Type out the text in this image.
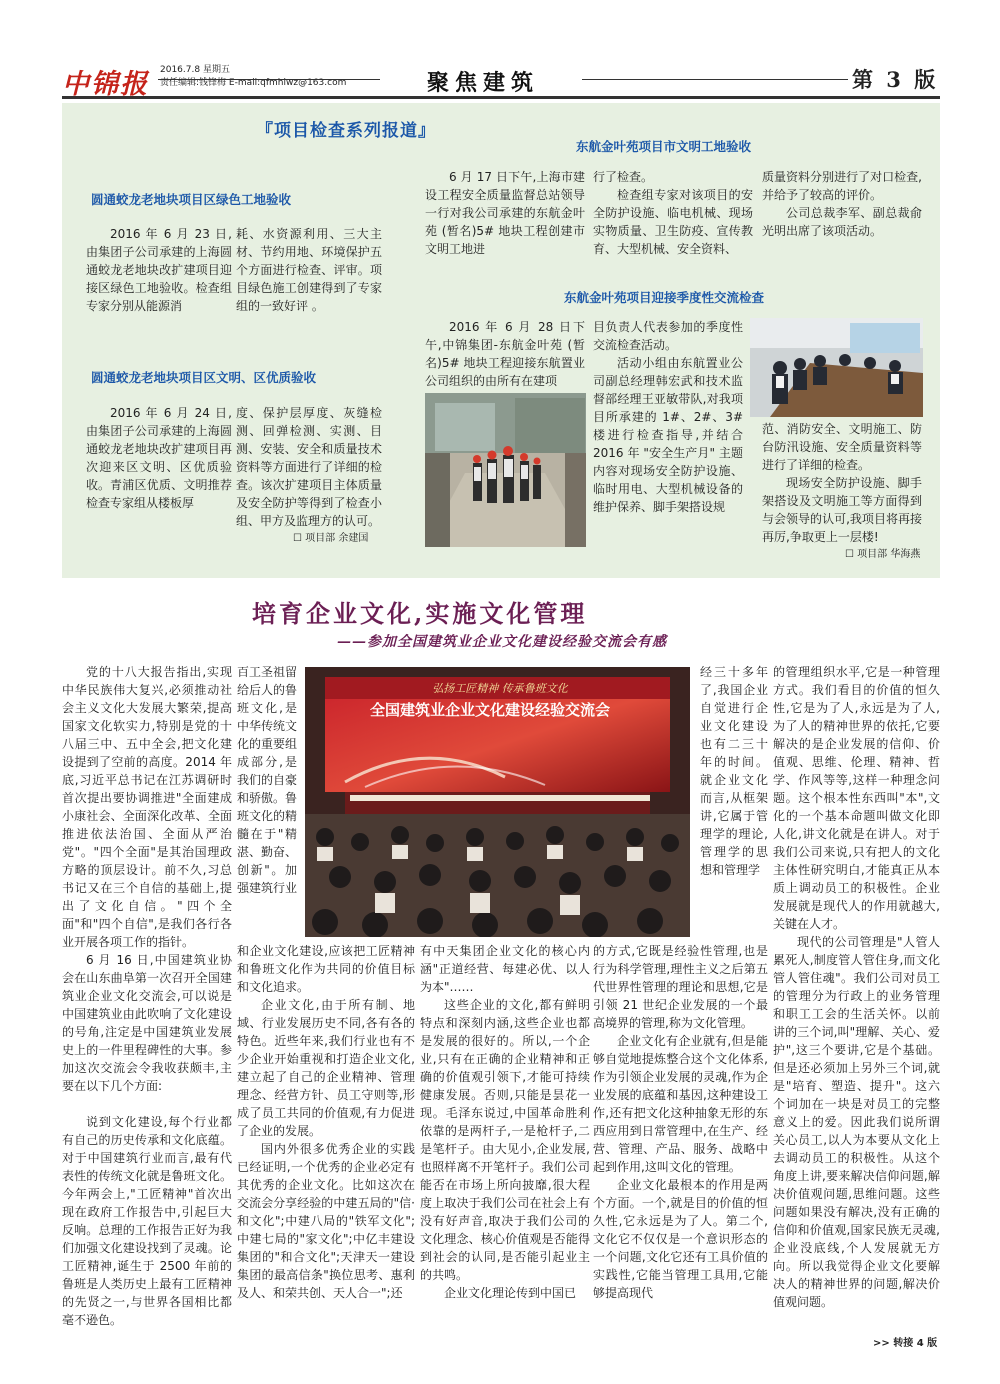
中锦报 2016.7.8 星期五
责任编辑:钱锋梅 E-mail:qfmhlwz@163.com	聚焦建筑	第 3 版
『项目检查系列报道』
圆通蛟龙老地块项目区绿色工地验收
2016 年 6 月 23 日,由集团子公司承建的上海圆通蛟龙老地块改扩建项目迎接区绿色工地验收。检查组专家分别从能源消
耗、水资源利用、三大主材、节约用地、环境保护五个方面进行检查、评审。项目绿色施工创建得到了专家组的一致好评 。
圆通蛟龙老地块项目区文明、区优质验收
2016 年 6 月 24 日,由集团子公司承建的上海圆通蛟龙老地块改扩建项目再次迎来区文明、区优质验收。 青浦区优质、文明推荐检查专家组从楼板厚
度、保护层厚度、灰缝检测、回弹检测、实测、目测、安装、安全和质量技术资料等方面进行了详细的检查。该次扩建项目主体质量及安全防护等得到了检查小组、甲方及监理方的认可。
☐ 项目部 余建国
东航金叶苑项目市文明工地验收
6 月 17 日下午,上海市建设工程安全质量监督总站领导一行对我公司承建的东航金叶苑 (暂名)5# 地块工程创建市文明工地进
行了检查。
检查组专家对该项目的安全防护设施、临电机械、现场实物质量、卫生防疫、宣传教育、大型机械、安全资料、
质量资料分别进行了对口检查,并给予了较高的评价。
公司总裁李军、副总裁俞光明出席了该项活动。
东航金叶苑项目迎接季度性交流检查
2016 年 6 月 28 日下午,中锦集团-东航金叶苑 (暂名)5# 地块工程迎接东航置业公司组织的由所有在建项
目负责人代表参加的季度性交流检查活动。
活动小组由东航置业公司副总经理韩宏武和技术监督部经理王亚敏带队,对我项目所承建的 1#、2#、3# 楼进行检查指导,并结合 2016 年 "安全生产月" 主题内容对现场安全防护设施、临时用电、大型机械设备的维护保养、脚手架搭设规
范、消防安全、文明施工、防台防汛设施、安全质量资料等进行了详细的检查。
现场安全防护设施、脚手架搭设及文明施工等方面得到与会领导的认可,我项目将再接再厉,争取更上一层楼!
☐ 项目部 华海燕
培育企业文化,实施文化管理
——参加全国建筑业企业文化建设经验交流会有感
弘扬工匠精神 传承鲁班文化
全国建筑业企业文化建设经验交流会

党的十八大报告指出,实现中华民族伟大复兴,必须推动社会主义文化大发展大繁荣,提高国家文化软实力,特别是党的十八届三中、五中全会,把文化建设提到了空前的高度。2014 年底,习近平总书记在江苏调研时首次提出要协调推进"全面建成小康社会、全面深化改革、全面推进依法治国、全面从严治党"。"四个全面"是其治国理政方略的顶层设计。前不久,习总书记又在三个自信的基础上,提出了文化自信。"四个全面"和"四个自信",是我们各行各业开展各项工作的指针。

6 月 16 日,中国建筑业协会在山东曲阜第一次召开全国建筑业企业文化交流会,可以说是中国建筑业由此吹响了文化建设的号角,注定是中国建筑业发展史上的一件里程碑性的大事。参加这次交流会令我收获颇丰,主要在以下几个方面:

说到文化建设,每个行业都有自己的历史传承和文化底蕴。对于中国建筑行业而言,最有代表性的传统文化就是鲁班文化。今年两会上,"工匠精神"首次出现在政府工作报告中,引起巨大反响。总理的工作报告正好为我们加强文化建设找到了灵魂。论工匠精神,诞生于 2500 年前的鲁班是人类历史上最有工匠精神的先贤之一,与世界各国相比都毫不逊色。

百工圣祖留给后人的鲁班文化,是中华传统文化的重要组成部分,是我们的自豪和骄傲。鲁班文化的精髓在于"精湛、勤奋、创新"。加强建筑行业
和企业文化建设,应该把工匠精神和鲁班文化作为共同的价值目标和文化追求。

企业文化,由于所有制、地域、行业发展历史不同,各有各的特色。近些年来,我们行业也有不少企业开始重视和打造企业文化,建立起了自己的企业精神、管理理念、经营方针、员工守则等,形成了员工共同的价值观,有力促进了企业的发展。

国内外很多优秀企业的实践已经证明,一个优秀的企业必定有其优秀的企业文化。比如这次在交流会分享经验的中建五局的"信·和文化";中建八局的"铁军文化";中建七局的"家文化";中亿丰建设集团的"和合文化";天津天一建设集团的最高信条"换位思考、惠利及人、和荣共创、天人合一";还

有中天集团企业文化的核心内涵"正道经营、每建必优、以人为本"……

这些企业的文化,都有鲜明特点和深刻内涵,这些企业也都是发展的很好的。所以,一个企业,只有在正确的企业精神和正确的价值观引领下,才能可持续健康发展。否则,只能是昙花一现。毛泽东说过,中国革命胜利依靠的是两杆子,一是枪杆子,二是笔杆子。由大见小,企业发展,也照样离不开笔杆子。我们公司能否在市场上所向披靡,很大程度上取决于我们公司在社会上有没有好声音,取决于我们公司的文化理念、核心价值观是否能得到社会的认同,是否能引起业主的共鸣。

企业文化理论传到中国已

经三十多年了,我国企业自觉进行企业文化建设也有二三十年的时间。就企业文化而言,从框架讲,它属于管理学的理论,管理学的思想和管理学
的方式,它既是经验性管理,也是行为科学管理,理性主义之后第五代世界性管理的理论和思想,它是引领 21 世纪企业发展的一个最高境界的管理,称为文化管理。

企业文化有企业就有,但是能够自觉地提炼整合这个文化体系,作为引领企业发展的灵魂,作为企业发展的底蕴和基因,这种建设工作,还有把文化这种抽象无形的东西应用到日常管理中,在生产、经营、管理、产品、服务、战略中起到作用,这叫文化的管理。

企业文化最根本的作用是两个方面。一个,就是目的价值的恒久性,它永远是为了人。第二个,文化它不仅仅是一个意识形态的一个问题,文化它还有工具价值的实践性,它能当管理工具用,它能够提高现代

的管理组织水平,它是一种管理方式。我们看目的价值的恒久性,它是为了人,永远是为了人,为了人的精神世界的依托,它要解决的是企业发展的信仰、价值观、思维、伦理、精神、哲学、作风等等,这样一种理念问题。这个根本性东西叫"本",文化的一个基本命题叫做文化即人化,讲文化就是在讲人。对于我们公司来说,只有把人的文化主体性研究明白,才能真正从本质上调动员工的积极性。企业发展就是现代人的作用就越大,关键在人才。

现代的公司管理是"人管人累死人,制度管人管住身,而文化管人管住魂"。我们公司对员工的管理分为行政上的业务管理和职工工会的生活关怀。以前讲的三个词,叫"理解、关心、爱护",这三个要讲,它是个基础。但是还必须加上另外三个词,就是"培育、塑造、提升"。这六个词加在一块是对员工的完整意义上的爱。因此我们说所谓关心员工,以人为本要从文化上去调动员工的积极性。从这个角度上讲,要来解决信仰问题,解决价值观问题,思维问题。这些问题如果没有解决,没有正确的信仰和价值观,国家民族无灵魂,企业没底线,个人发展就无方向。所以我觉得企业文化要解决人的精神世界的问题,解决价值观问题。

>> 转接 4 版
